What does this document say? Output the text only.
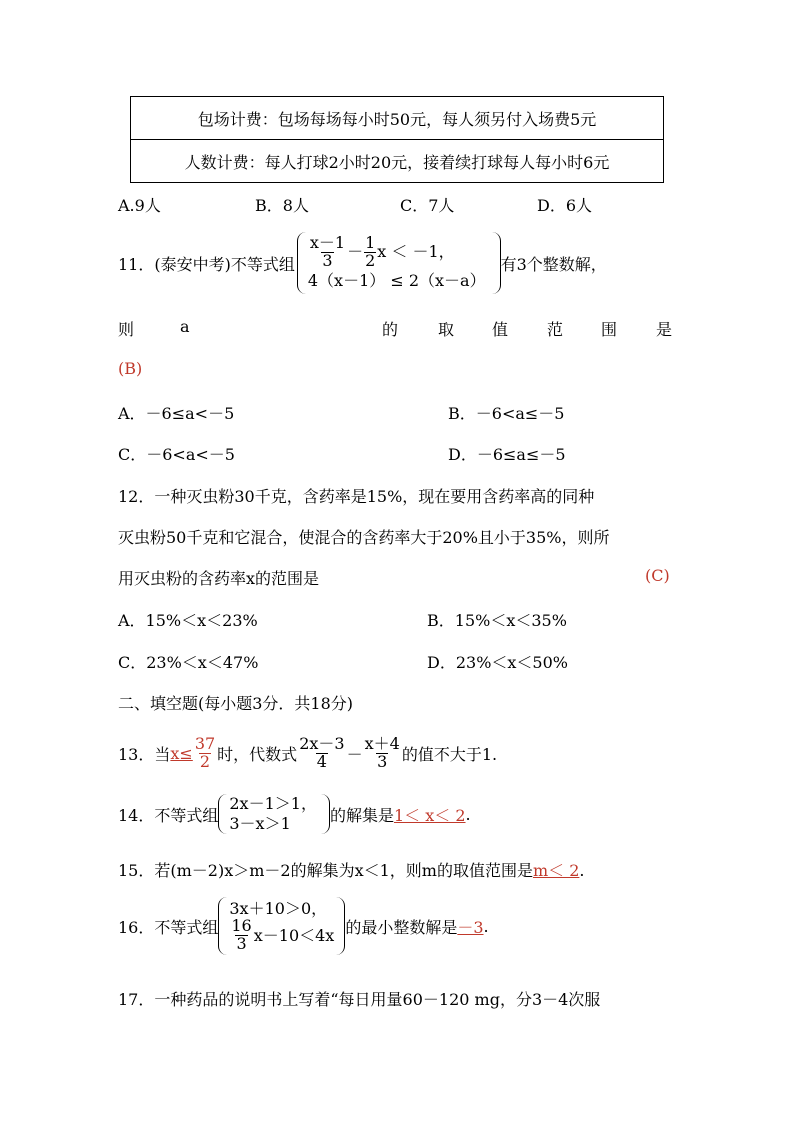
包场计费：包场每场每小时50元，每人须另付入场费5元
人数计费：每人打球2小时20元，接着续打球每人每小时6元
A.9人	B．8人	C．7人	D．6人
11．(泰安中考)不等式组 $\frac{x-1}{3} - \frac{1}{2}$ x ＜ －1，
4（x－1） ≤ 2（x－a）
有3个整数解，
则	a	的 取 值 范 围 是
(B)
A．－6≤a<－5	B．－6<a≤－5
C．－6<a<－5	D．－6≤a≤－5
12．一种灭虫粉30千克，含药率是15%，现在要用含药率高的同种
灭虫粉50千克和它混合，使混合的含药率大于20%且小于35%，则所
用灭虫粉的含药率x的范围是	(C)
A．15%＜x＜23%	B．15%＜x＜35%
C．23%＜x＜47%	D．23%＜x＜50%
二、填空题(每小题3分．共18分)
13．当 $x\le \frac{37}{2}$ 时，代数式 $\frac{2x-3}{4} - \frac{x+4}{3}$ 的值不大于1.
14．不等式组
2x－1＞1，
3－x＞1	的解集是 1＜ x＜ 2 .
15．若(m－2)x＞m－2的解集为x＜1，则m的取值范围是m＜ 2.
16．不等式组
3x＋10＞0，
$\frac{16}{3} x-10<4x$ 的最小整数解是 －3 .
17．一种药品的说明书上写着“每日用量60－120 mg，分3－4次服
